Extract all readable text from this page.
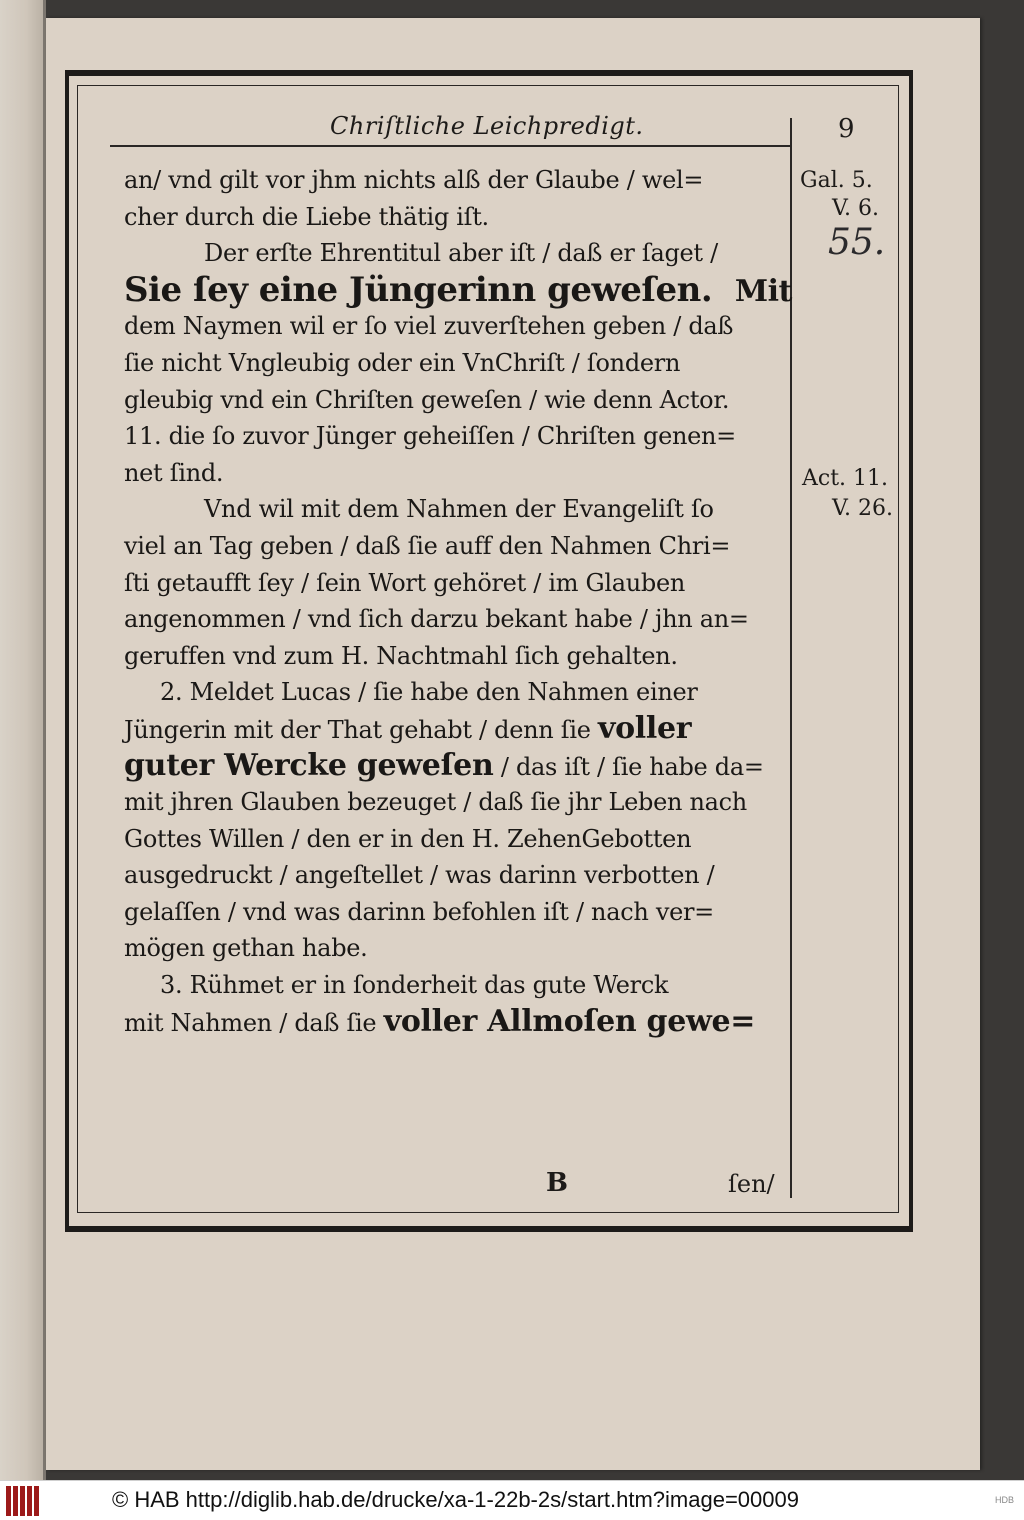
Chriſtliche Leichpredigt.	9
an/ vnd gilt vor jhm nichts alß der Glaube / wel=
cher durch die Liebe thätig iſt.
Der erſte Ehrentitul aber iſt / daß er ſaget /
Sie ſey eine Jüngerinn geweſen. Mit
dem Naymen wil er ſo viel zuverſtehen geben / daß
ſie nicht Vngleubig oder ein VnChriſt / ſondern
gleubig vnd ein Chriſten geweſen / wie denn Actor.
11. die ſo zuvor Jünger geheiſſen / Chriſten genen=
net ſind.
Vnd wil mit dem Nahmen der Evangeliſt ſo
viel an Tag geben / daß ſie auff den Nahmen Chri=
ſti getaufft ſey / ſein Wort gehöret / im Glauben
angenommen / vnd ſich darzu bekant habe / jhn an=
geruffen vnd zum H. Nachtmahl ſich gehalten.
2. Meldet Lucas / ſie habe den Nahmen einer
Jüngerin mit der That gehabt / denn ſie voller
guter Wercke geweſen / das iſt / ſie habe da=
mit jhren Glauben bezeuget / daß ſie jhr Leben nach
Gottes Willen / den er in den H. ZehenGebotten
ausgedruckt / angeſtellet / was darinn verbotten /
gelaſſen / vnd was darinn befohlen iſt / nach ver=
mögen gethan habe.
3. Rühmet er in ſonderheit das gute Werck
mit Nahmen / daß ſie voller Allmoſen gewe=
Gal. 5.
V. 6.
55.
Act. 11.
V. 26.
B	ſen/
© HAB http://diglib.hab.de/drucke/xa-1-22b-2s/start.htm?image=00009	HDB
